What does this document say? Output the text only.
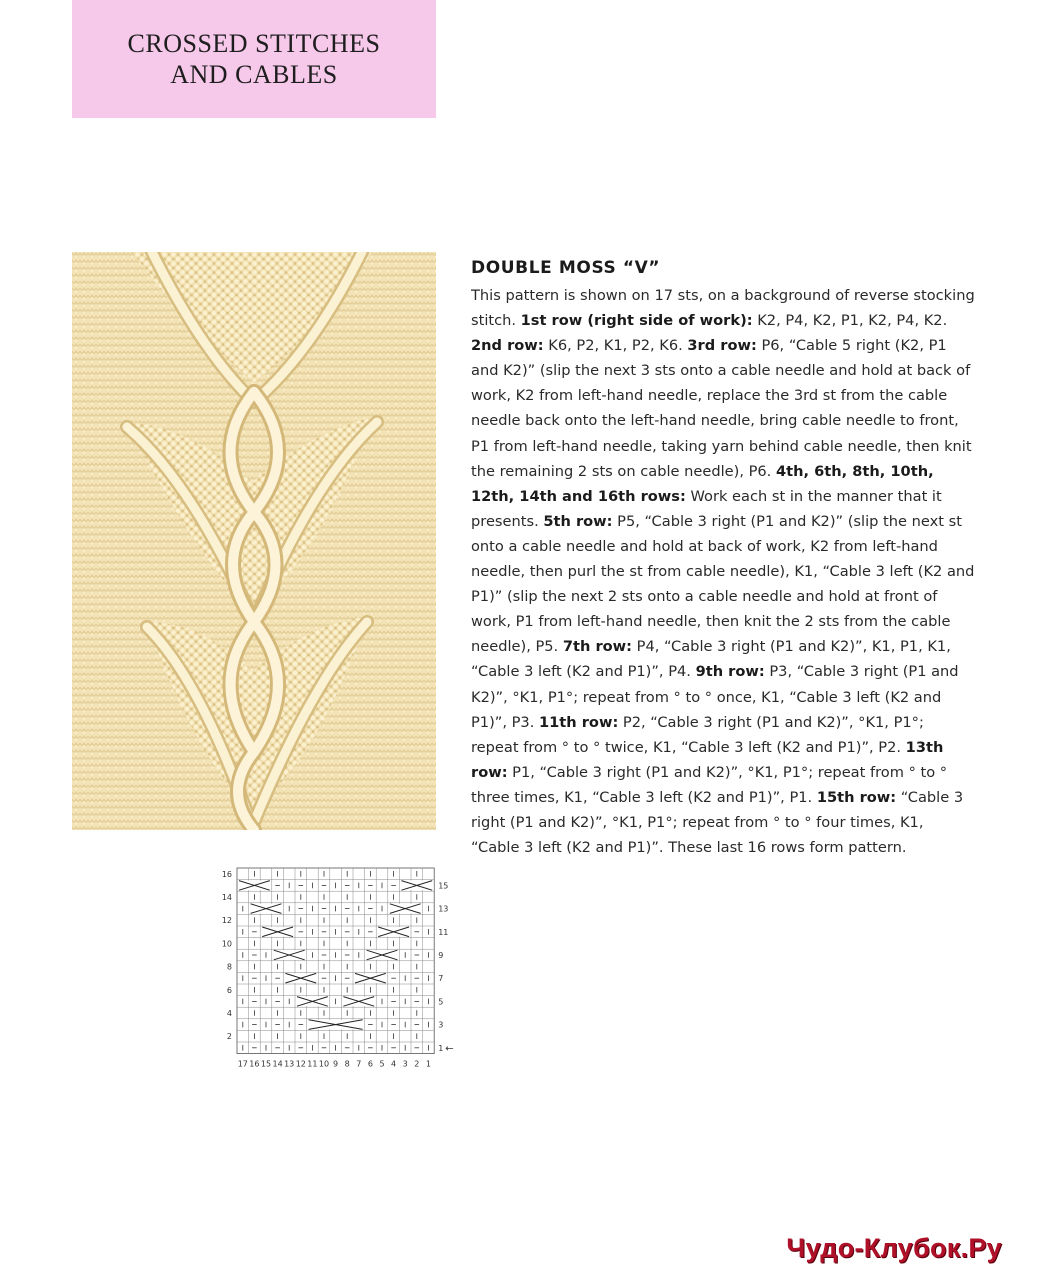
CROSSED STITCHES
AND CABLES
DOUBLE MOSS “V”
This pattern is shown on 17 sts, on a background of reverse stocking stitch. 1st row (right side of work): K2, P4, K2, P1, K2, P4, K2. 2nd row: K6, P2, K1, P2, K6. 3rd row: P6, “Cable 5 right (K2, P1 and K2)” (slip the next 3 sts onto a cable needle and hold at back of work, K2 from left-hand needle, replace the 3rd st from the cable needle back onto the left-hand needle, bring cable needle to front, P1 from left-hand needle, taking yarn behind cable needle, then knit the remaining 2 sts on cable needle), P6. 4th, 6th, 8th, 10th, 12th, 14th and 16th rows: Work each st in the manner that it presents. 5th row: P5, “Cable 3 right (P1 and K2)” (slip the next st onto a cable needle and hold at back of work, K2 from left-hand needle, then purl the st from cable needle), K1, “Cable 3 left (K2 and P1)” (slip the next 2 sts onto a cable needle and hold at front of work, P1 from left-hand needle, then knit the 2 sts from the cable needle), P5. 7th row: P4, “Cable 3 right (P1 and K2)”, K1, P1, K1, “Cable 3 left (K2 and P1)”, P4. 9th row: P3, “Cable 3 right (P1 and K2)”, °K1, P1°; repeat from ° to ° once, K1, “Cable 3 left (K2 and P1)”, P3. 11th row: P2, “Cable 3 right (P1 and K2)”, °K1, P1°; repeat from ° to ° twice, K1, “Cable 3 left (K2 and P1)”, P2. 13th row: P1, “Cable 3 right (P1 and K2)”, °K1, P1°; repeat from ° to ° three times, K1, “Cable 3 left (K2 and P1)”, P1. 15th row: “Cable 3 right (P1 and K2)”, °K1, P1°; repeat from ° to ° four times, K1, “Cable 3 left (K2 and P1)”. These last 16 rows form pattern.
17 16 15 14 13 12 11 10 9 8 7 6 5 4 3 2 1
16
14
12
10
8
6
4
2
15
13
11
9
7
5
3
1 ←
Чудо-Клубок.Ру
